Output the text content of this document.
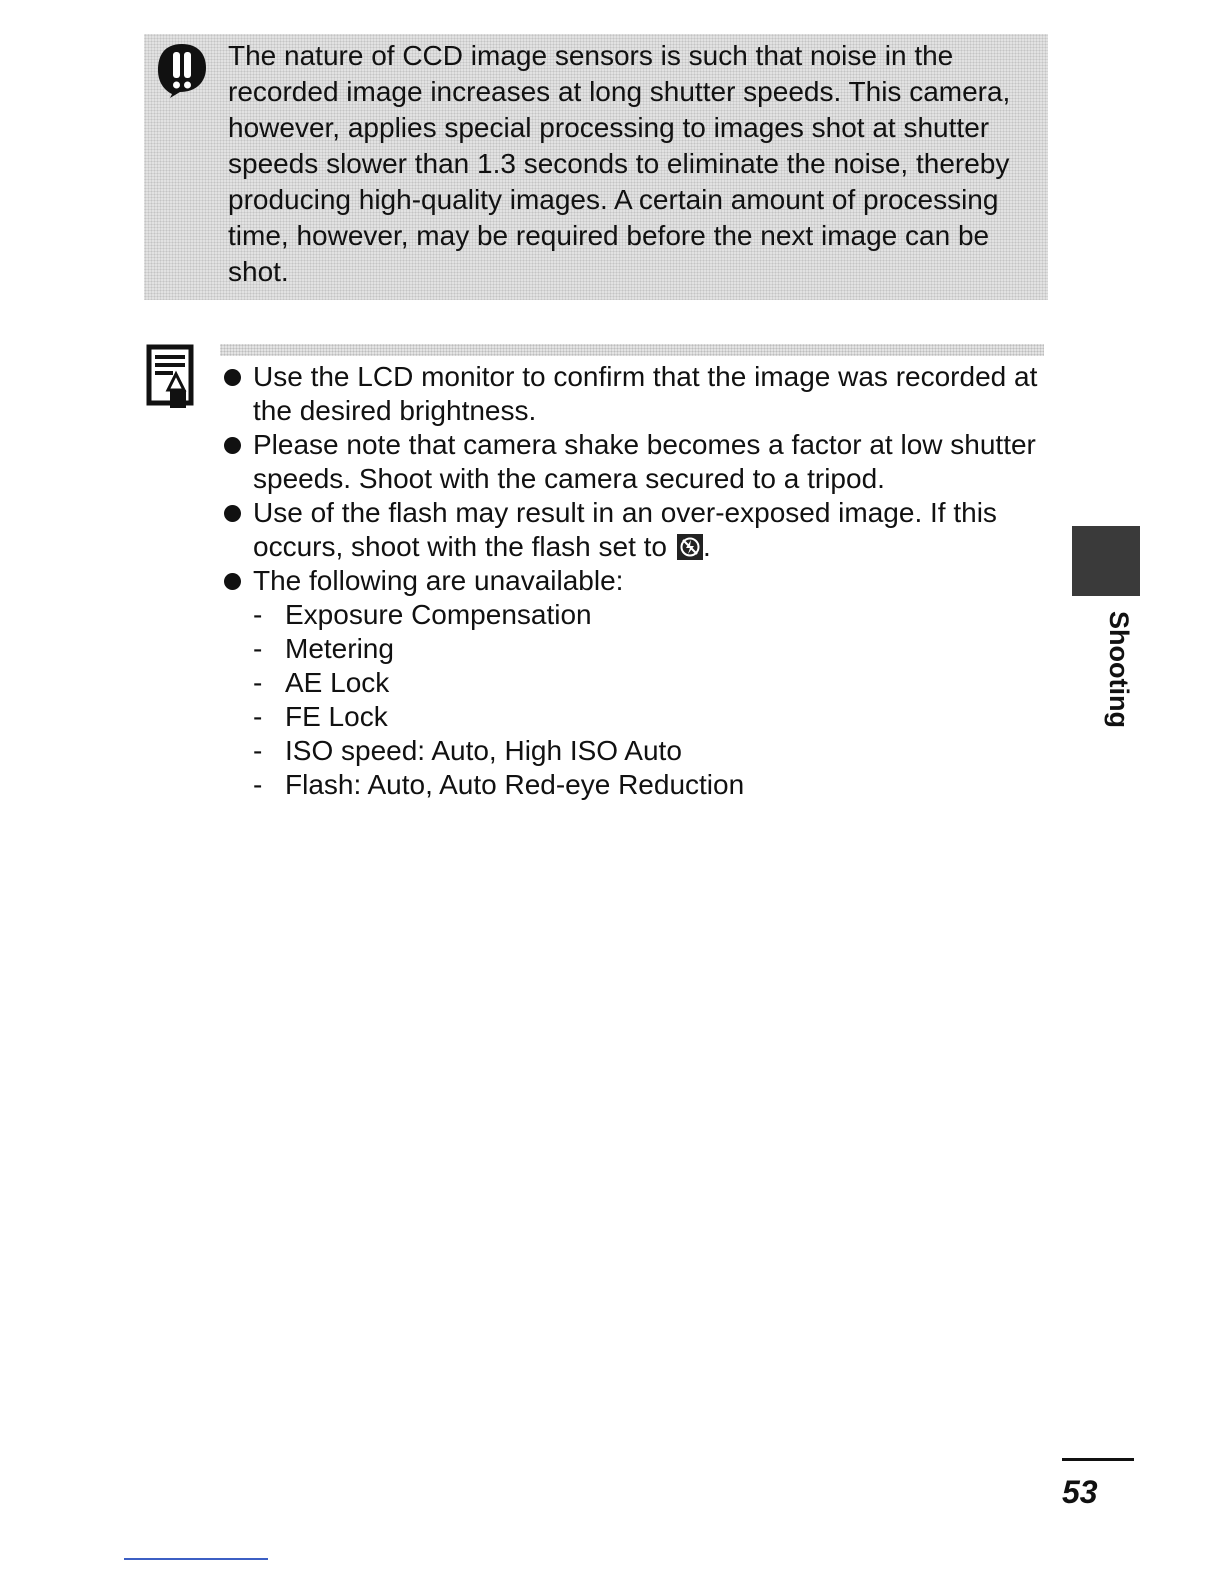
The nature of CCD image sensors is such that noise in the recorded image increases at long shutter speeds. This camera, however, applies special processing to images shot at shutter speeds slower than 1.3 seconds to eliminate the noise, thereby producing high-quality images. A certain amount of processing time, however, may be required before the next image can be shot.

Use the LCD monitor to confirm that the image was recorded at the desired brightness.
Please note that camera shake becomes a factor at low shutter speeds. Shoot with the camera secured to a tripod.
Use of the flash may result in an over-exposed image. If this occurs, shoot with the flash set to .
The following are unavailable:
- Exposure Compensation
- Metering
- AE Lock
- FE Lock
- ISO speed: Auto, High ISO Auto
- Flash: Auto, Auto Red-eye Reduction
Shooting
53
